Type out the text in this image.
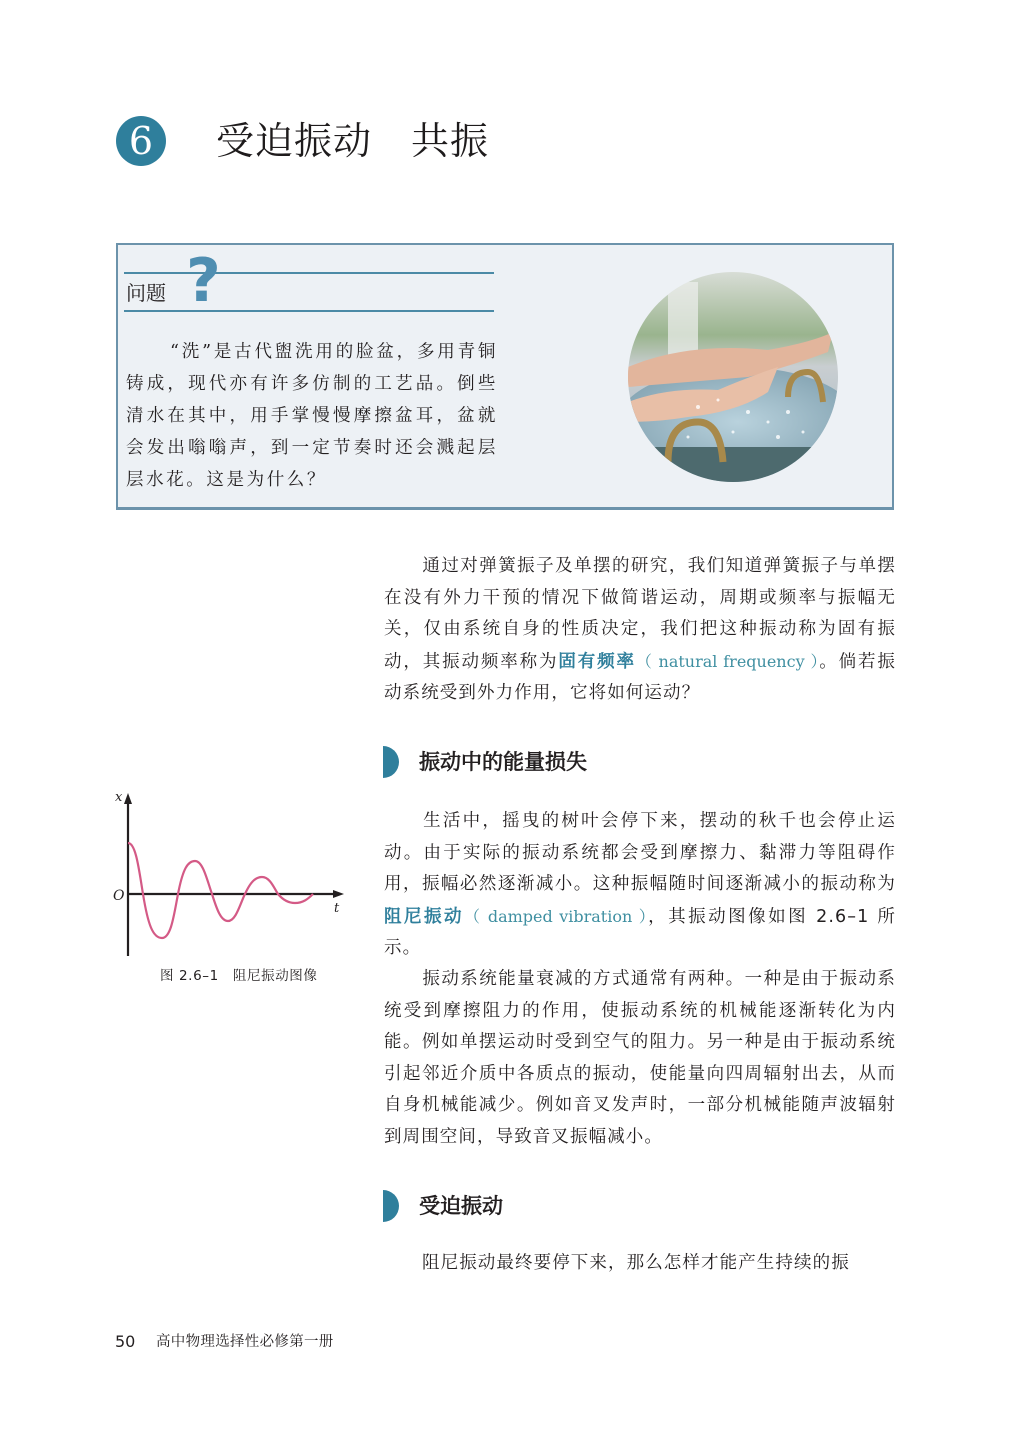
6	受迫振动　共振
问题 ?
“洗”是古代盥洗用的脸盆，多用青铜铸成，现代亦有许多仿制的工艺品。倒些清水在其中，用手掌慢慢摩擦盆耳，盆就会发出嗡嗡声，到一定节奏时还会溅起层层水花。这是为什么？
通过对弹簧振子及单摆的研究，我们知道弹簧振子与单摆在没有外力干预的情况下做简谐运动，周期或频率与振幅无关，仅由系统自身的性质决定，我们把这种振动称为固有振动，其振动频率称为固有频率（ natural frequency ）。倘若振动系统受到外力作用，它将如何运动？
振动中的能量损失
生活中，摇曳的树叶会停下来，摆动的秋千也会停止运动。由于实际的振动系统都会受到摩擦力、黏滞力等阻碍作用，振幅必然逐渐减小。这种振幅随时间逐渐减小的振动称为阻尼振动（ damped vibration ），其振动图像如图 2.6–1 所示。
振动系统能量衰减的方式通常有两种。一种是由于振动系统受到摩擦阻力的作用，使振动系统的机械能逐渐转化为内能。例如单摆运动时受到空气的阻力。另一种是由于振动系统引起邻近介质中各质点的振动，使能量向四周辐射出去，从而自身机械能减少。例如音叉发声时，一部分机械能随声波辐射到周围空间，导致音叉振幅减小。
受迫振动
阻尼振动最终要停下来，那么怎样才能产生持续的振
x
O
t
图 2.6–1　阻尼振动图像
50 高中物理选择性必修第一册
